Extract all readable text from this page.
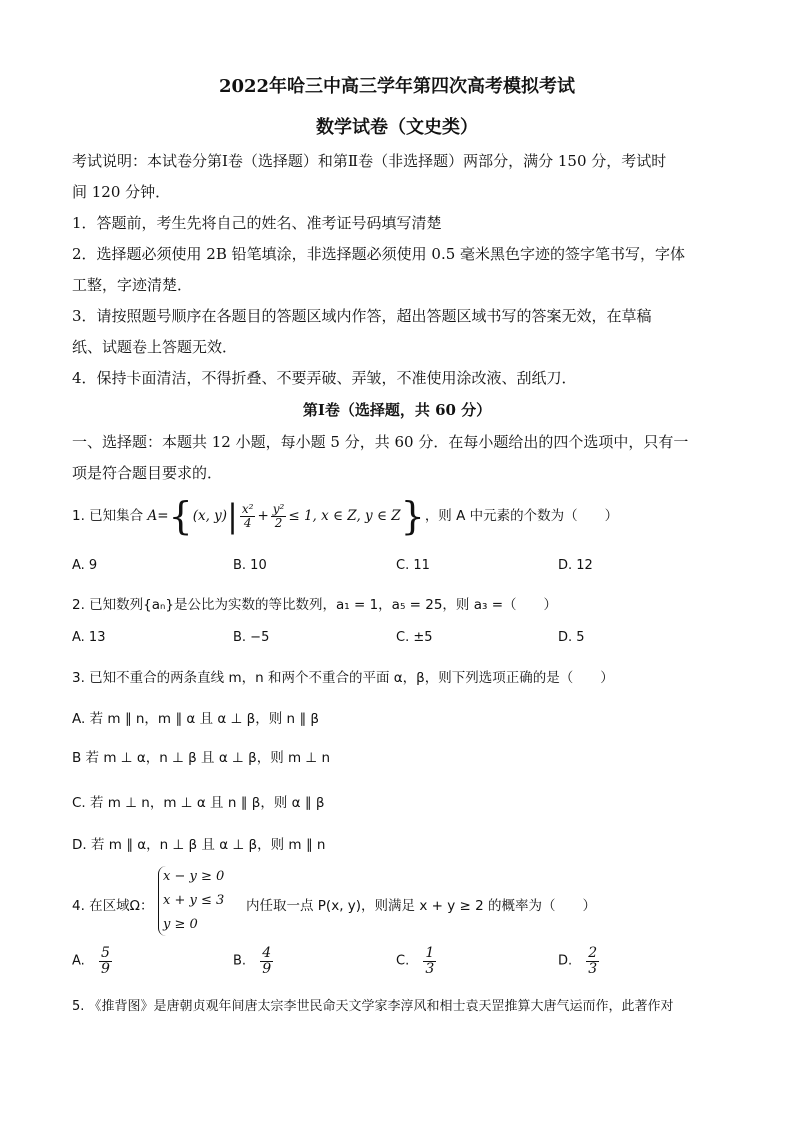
2022年哈三中高三学年第四次高考模拟考试
数学试卷（文史类）
考试说明：本试卷分第Ⅰ卷（选择题）和第Ⅱ卷（非选择题）两部分，满分 150 分，考试时
间 120 分钟．
1．答题前，考生先将自己的姓名、准考证号码填写清楚
2．选择题必须使用 2B 铅笔填涂，非选择题必须使用 0.5 毫米黑色字迹的签字笔书写，字体
工整，字迹清楚．
3．请按照题号顺序在各题目的答题区域内作答，超出答题区域书写的答案无效，在草稿
纸、试题卷上答题无效．
4．保持卡面清洁，不得折叠、不要弄破、弄皱，不准使用涂改液、刮纸刀．
第Ⅰ卷（选择题，共 60 分）
一、选择题：本题共 12 小题，每小题 5 分，共 60 分．在每小题给出的四个选项中，只有一
项是符合题目要求的．
1. 已知集合 A={(x, $y)| \frac{\text{x²}}{4} + \frac{\text{y²}}{2} \le 1$, x ∈ Z, y ∈ Z}，则 A 中元素的个数为（　　）
A. 9	B. 10	C. 11	D. 12
2. 已知数列{aₙ}是公比为实数的等比数列，a₁ = 1，a₅ = 25，则 a₃ =（　　）
A. 13	B. −5	C. ±5	D. 5
3. 已知不重合的两条直线 m，n 和两个不重合的平面 α，β，则下列选项正确的是（　　）
A. 若 m ∥ n，m ∥ α 且 α ⊥ β，则 n ∥ β
B 若 m ⊥ α，n ⊥ β 且 α ⊥ β，则 m ⊥ n
C. 若 m ⊥ n，m ⊥ α 且 n ∥ β，则 α ∥ β
D. 若 m ∥ α，n ⊥ β 且 α ⊥ β，则 m ∥ n
4. 在区域Ω：
x − y ≥ 0
x + y ≤ 3
y ≥ 0
内任取一点 P(x, y)，则满足 x + y ≥ 2 的概率为（　　）
A. $\frac{5}{9}$	B. $\frac{4}{9}$	C. $\frac{1}{3}$	D. $\frac{2}{3}$
5. 《推背图》是唐朝贞观年间唐太宗李世民命天文学家李淳风和相士袁天罡推算大唐气运而作，此著作对
